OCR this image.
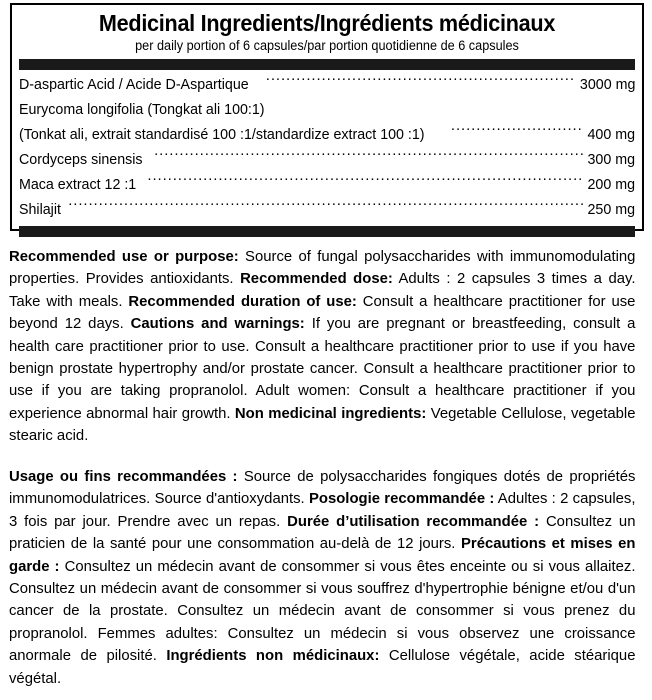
Medicinal Ingredients/Ingrédients médicinaux
per daily portion of 6 capsules/par portion quotidienne de 6 capsules
D-aspartic Acid / Acide D-Aspartique .....	3000 mg
Eurycoma longifolia (Tongkat ali 100:1)
(Tonkat ali, extrait standardisé 100 :1/standardize extract 100 :1) .....	400 mg
Cordyceps sinensis .....	300 mg
Maca extract 12 :1 .....	200 mg
Shilajit .....	250 mg
Recommended use or purpose: Source of fungal polysaccharides with immunomodulating properties. Provides antioxidants. Recommended dose: Adults : 2 capsules 3 times a day. Take with meals. Recommended duration of use: Consult a healthcare practitioner for use beyond 12 days. Cautions and warnings: If you are pregnant or breastfeeding, consult a health care practitioner prior to use. Consult a healthcare practitioner prior to use if you have benign prostate hypertrophy and/or prostate cancer. Consult a healthcare practitioner prior to use if you are taking propranolol. Adult women: Consult a healthcare practitioner if you experience abnormal hair growth. Non medicinal ingredients: Vegetable Cellulose, vegetable stearic acid.
Usage ou fins recommandées : Source de polysaccharides fongiques dotés de propriétés immunomodulatrices. Source d'antioxydants. Posologie recommandée : Adultes : 2 capsules, 3 fois par jour. Prendre avec un repas. Durée d’utilisation recommandée : Consultez un praticien de la santé pour une consommation au-delà de 12 jours. Précautions et mises en garde : Consultez un médecin avant de consommer si vous êtes enceinte ou si vous allaitez. Consultez un médecin avant de consommer si vous souffrez d'hypertrophie bénigne et/ou d'un cancer de la prostate. Consultez un médecin avant de consommer si vous prenez du propranolol. Femmes adultes: Consultez un médecin si vous observez une croissance anormale de pilosité. Ingrédients non médicinaux: Cellulose végétale, acide stéarique végétal.
